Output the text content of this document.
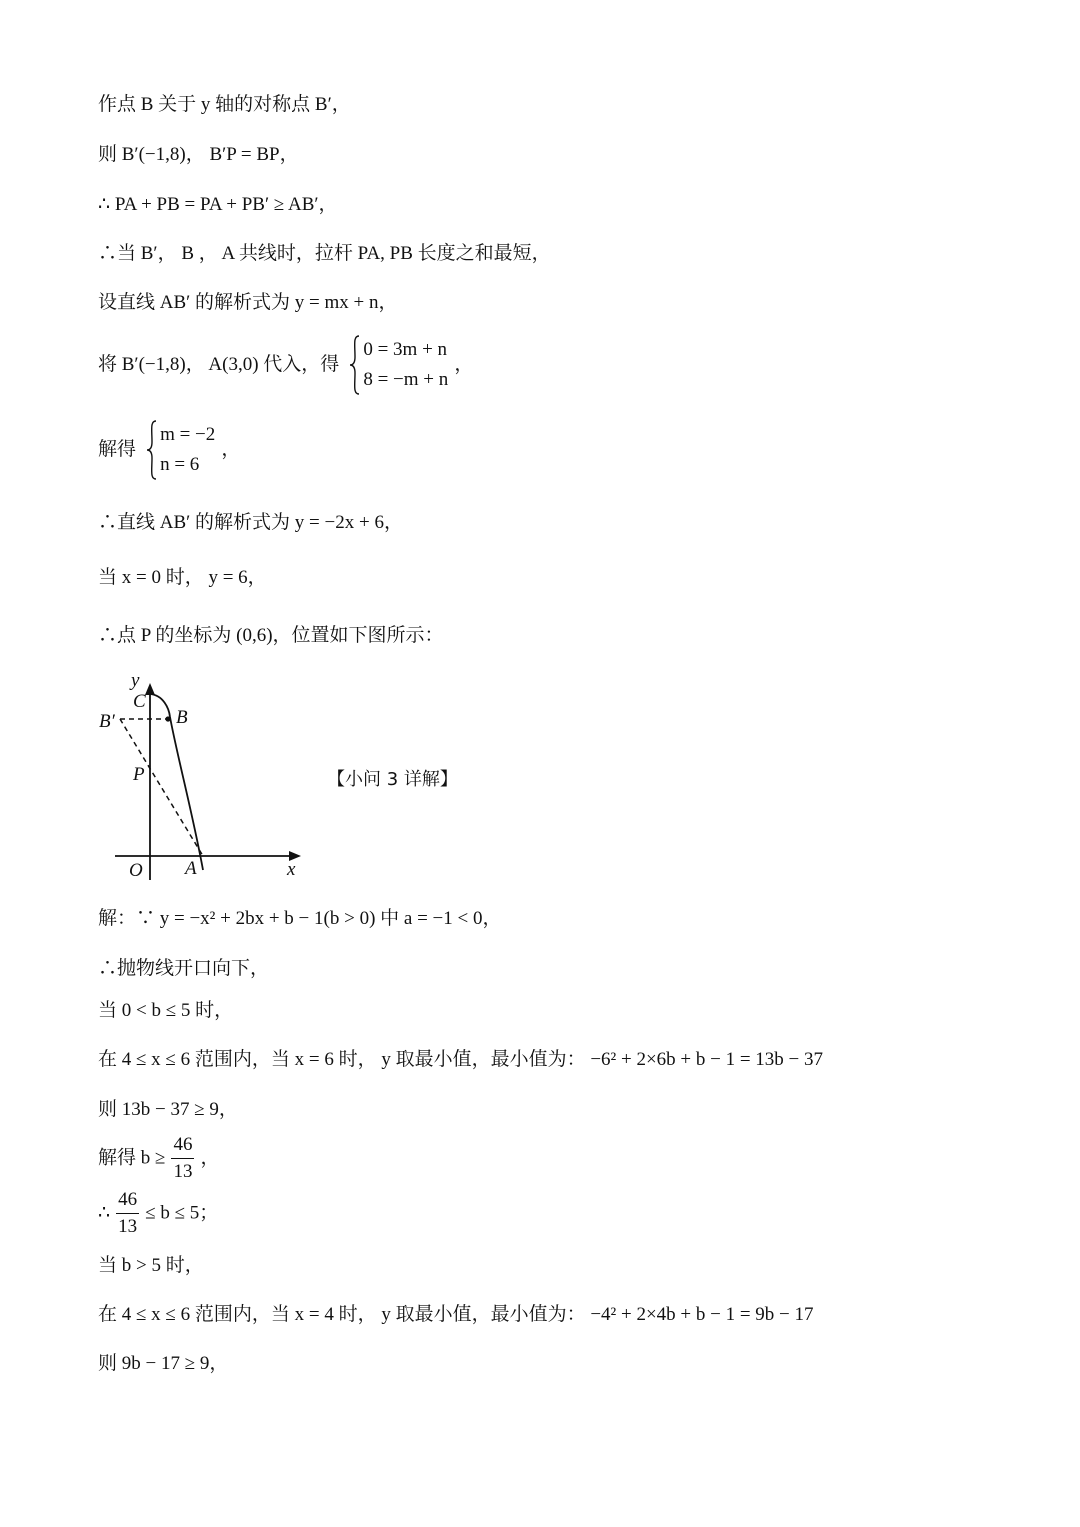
作点 B 关于 y 轴的对称点 B′，
则 B′(−1,8)， B′P = BP，
∴ PA + PB = PA + PB′ ≥ AB′，
∴当 B′， B ， A 共线时，拉杆 PA, PB 长度之和最短，
设直线 AB′ 的解析式为 y = mx + n，
将 B′(−1,8)， A(3,0) 代入，得
0 = 3m + n
8 = −m + n
，
解得
m = −2
n = 6
，
∴直线 AB′ 的解析式为 y = −2x + 6，
当 x = 0 时， y = 6，
∴点 P 的坐标为 (0,6)，位置如下图所示：
y
C
B
B′
P
O A	x
【小问 3 详解】
解：∵ y = −x² + 2bx + b − 1(b > 0) 中 a = −1 < 0，
∴抛物线开口向下，
当 0 < b ≤ 5 时，
在 4 ≤ x ≤ 6 范围内，当 x = 6 时， y 取最小值，最小值为： −6² + 2×6b + b − 1 = 13b − 37
则 13b − 37 ≥ 9，
解得 $b \ge \frac{46}{13}$ ，
∴ $\frac{46}{13} \le b \le 5$；
当 b > 5 时，
在 4 ≤ x ≤ 6 范围内，当 x = 4 时， y 取最小值，最小值为： −4² + 2×4b + b − 1 = 9b − 17
则 9b − 17 ≥ 9，
